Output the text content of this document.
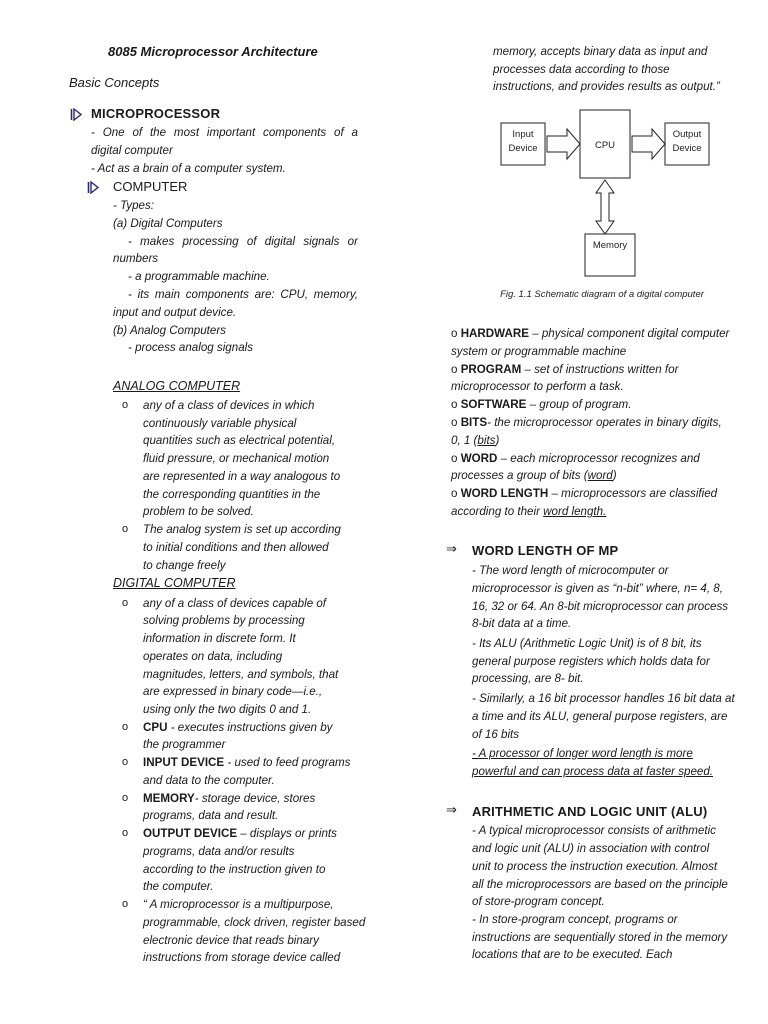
8085 Microprocessor Architecture
Basic Concepts
MICROPROCESSOR
- One of the most important components of a
digital computer
- Act as a brain of a computer system.
COMPUTER
- Types:
(a) Digital Computers
- makes processing of digital signals or
numbers
- a programmable machine.
- its main components are: CPU, memory,
input and output device.
(b) Analog Computers
- process analog signals
ANALOG COMPUTER
o any of a class of devices in which
continuously variable physical
quantities such as electrical potential,
fluid pressure, or mechanical motion
are represented in a way analogous to
the corresponding quantities in the
problem to be solved.
o The analog system is set up according
to initial conditions and then allowed
to change freely
DIGITAL COMPUTER
o any of a class of devices capable of
solving problems by processing
information in discrete form. It
operates on data, including
magnitudes, letters, and symbols, that
are expressed in binary code—i.e.,
using only the two digits 0 and 1.
o CPU - executes instructions given by
the programmer
o INPUT DEVICE - used to feed programs
and data to the computer.
o MEMORY- storage device, stores
programs, data and result.
o OUTPUT DEVICE – displays or prints
programs, data and/or results
according to the instruction given to
the computer.
o “ A microprocessor is a multipurpose,
programmable, clock driven, register based
electronic device that reads binary
instructions from storage device called
memory, accepts binary data as input and
processes data according to those
instructions, and provides results as output.”
Input
Device	CPU
Output
Device
Memory
Fig. 1.1 Schematic diagram of a digital computer
o HARDWARE – physical component digital computer
system or programmable machine
o PROGRAM – set of instructions written for
microprocessor to perform a task.
o SOFTWARE – group of program.
o BITS- the microprocessor operates in binary digits,
0, 1 (bits)
o WORD – each microprocessor recognizes and
processes a group of bits (word)
o WORD LENGTH – microprocessors are classified
according to their word length.
⇒ WORD LENGTH OF MP
- The word length of microcomputer or
microprocessor is given as “n-bit” where, n= 4, 8,
16, 32 or 64. An 8-bit microprocessor can process
8-bit data at a time.
- Its ALU (Arithmetic Logic Unit) is of 8 bit, its
general purpose registers which holds data for
processing, are 8- bit.
- Similarly, a 16 bit processor handles 16 bit data at
a time and its ALU, general purpose registers, are
of 16 bits
- A processor of longer word length is more
powerful and can process data at faster speed.
⇒ ARITHMETIC AND LOGIC UNIT (ALU)
- A typical microprocessor consists of arithmetic
and logic unit (ALU) in association with control
unit to process the instruction execution. Almost
all the microprocessors are based on the principle
of store-program concept.
- In store-program concept, programs or
instructions are sequentially stored in the memory
locations that are to be executed. Each
